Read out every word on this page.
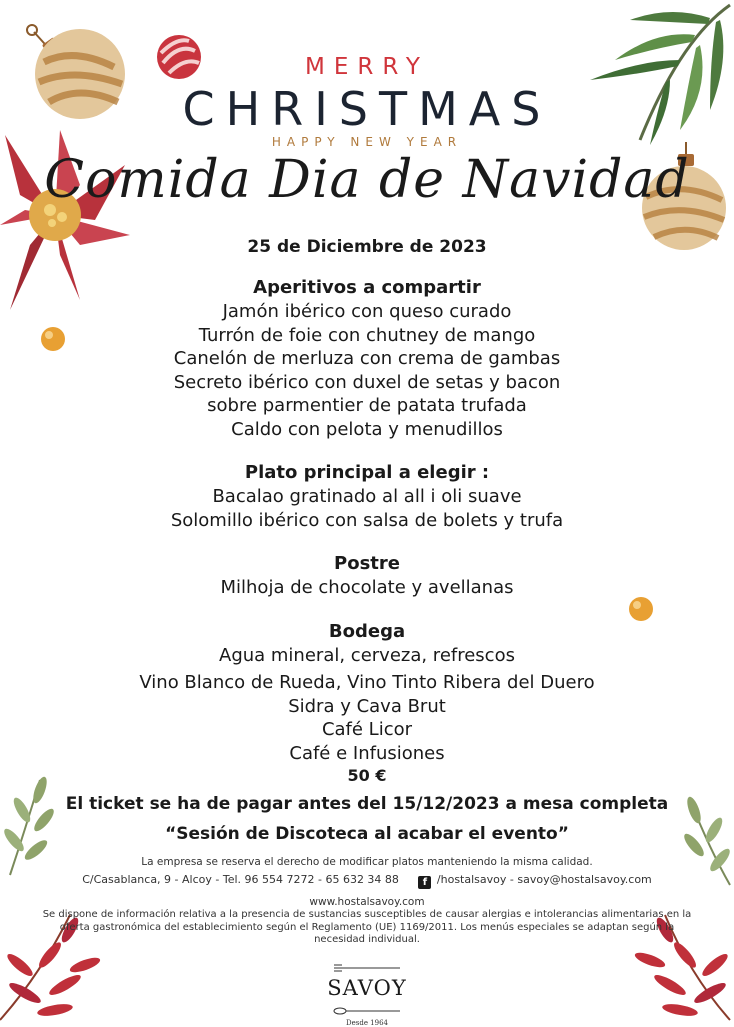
MERRY
CHRISTMAS
HAPPY NEW YEAR
Comida Dia de Navidad
25 de Diciembre de 2023
Aperitivos a compartir
Jamón ibérico con queso curado
Turrón de foie con chutney de mango
Canelón de merluza con crema de gambas
Secreto ibérico con duxel de setas y bacon
sobre parmentier de patata trufada
Caldo con pelota y menudillos
Plato principal a elegir :
Bacalao gratinado al all i oli suave
Solomillo ibérico con salsa de bolets y trufa
Postre
Milhoja de chocolate y avellanas
Bodega
Agua mineral, cerveza, refrescos
Vino Blanco de Rueda, Vino Tinto Ribera del Duero
Sidra y Cava Brut
Café Licor
Café e Infusiones
50 €
El ticket se ha de pagar antes del 15/12/2023 a mesa completa
“Sesión de Discoteca al acabar el evento”
La empresa se reserva el derecho de modificar platos manteniendo la misma calidad.
C/Casablanca, 9 - Alcoy - Tel. 96 554 7272 - 65 632 34 88 f /hostalsavoy - savoy@hostalsavoy.com
www.hostalsavoy.com
Se dispone de información relativa a la presencia de sustancias susceptibles de causar alergias e intolerancias alimentarias en la oferta gastronómica del establecimiento según el Reglamento (UE) 1169/2011. Los menús especiales se adaptan según la necesidad individual.
SAVOY
Desde 1964
